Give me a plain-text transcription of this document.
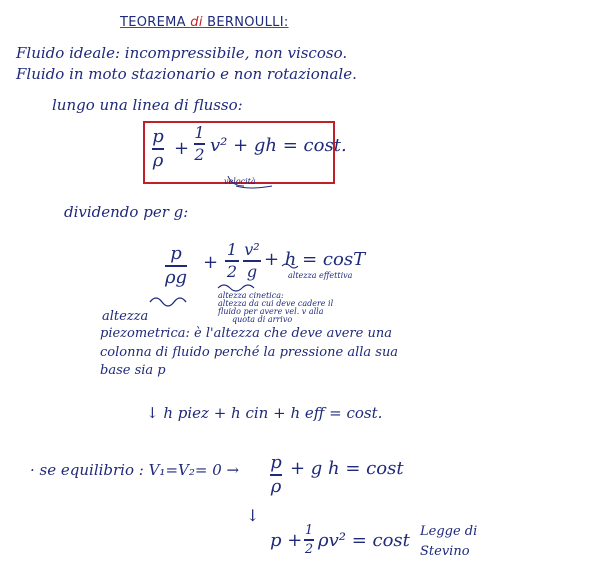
TEOREMA di BERNOULLI:
Fluido ideale: incompressibile, non viscoso.
Fluido in moto stazionario e non rotazionale.
lungo una linea di flusso:
p
ρ
+
1
2 v² + gh = cost.
velocità
dividendo per g:
p
ρg
+
1
2
v²
g
+ h = cosT
altezza effettiva
altezza cinetica:
altezza da cui deve cadere il
fluido per avere vel. v alla
quota di arrivo
altezza
piezometrica: è l'altezza che deve avere una
colonna di fluido perché la pressione alla sua
base sia p
↓ h piez + h cin + h eff = cost.
· se equilibrio : V₁=V₂= 0 → p
ρ
+ g h = cost
↓
p + 1
2 ρv² = cost Legge di
Stevino
